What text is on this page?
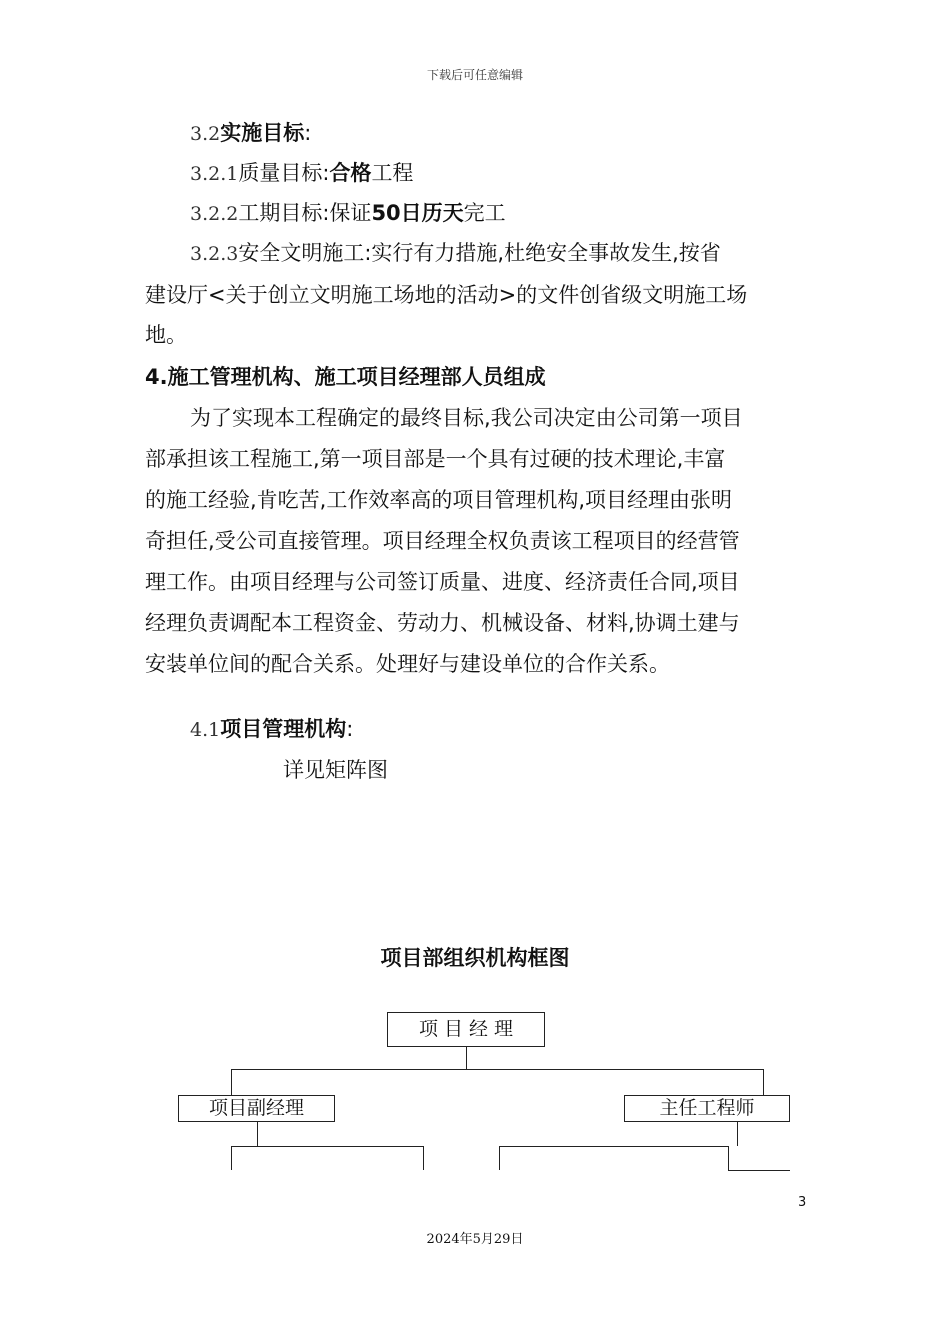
下载后可任意编辑
3.2实施目标:
3.2.1质量目标:合格工程
3.2.2工期目标:保证50日历天完工
3.2.3安全文明施工:实行有力措施,杜绝安全事故发生,按省
建设厅<关于创立文明施工场地的活动>的文件创省级文明施工场
地。
4.施工管理机构、施工项目经理部人员组成
为了实现本工程确定的最终目标,我公司决定由公司第一项目
部承担该工程施工,第一项目部是一个具有过硬的技术理论,丰富
的施工经验,肯吃苦,工作效率高的项目管理机构,项目经理由张明
奇担任,受公司直接管理。项目经理全权负责该工程项目的经营管
理工作。由项目经理与公司签订质量、进度、经济责任合同,项目
经理负责调配本工程资金、劳动力、机械设备、材料,协调土建与
安装单位间的配合关系。处理好与建设单位的合作关系。
4.1项目管理机构:
详见矩阵图
项目部组织机构框图
项 目 经 理
项目副经理	主任工程师
3
2024年5月29日
